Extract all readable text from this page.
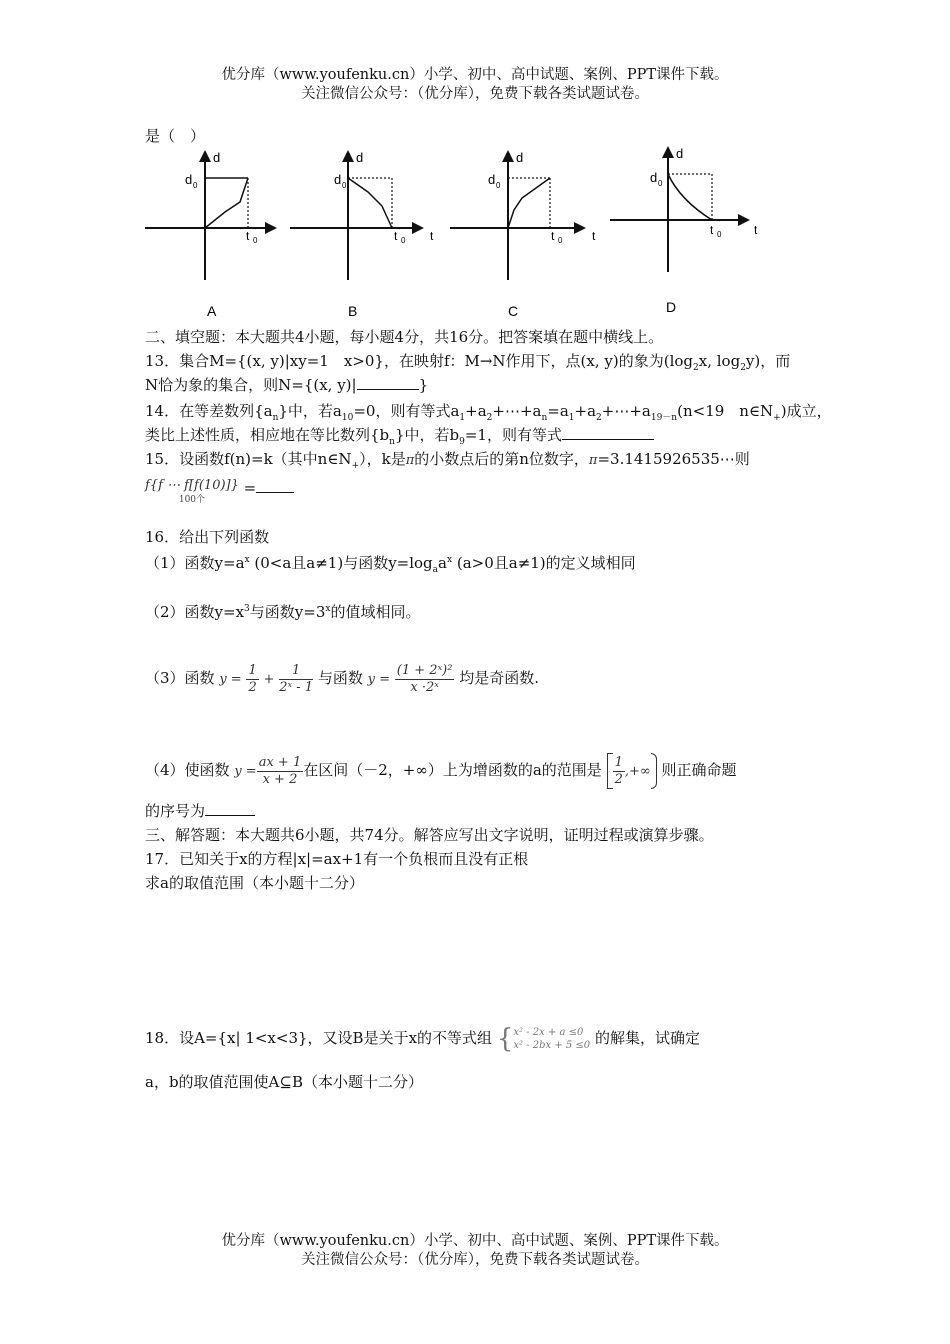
优分库（www.youfenku.cn）小学、初中、高中试题、案例、PPT课件下载。
关注微信公众号：（优分库），免费下载各类试题试卷。
是（　）
d
d 0
t 0
A
d
d 0
t 0 t
B
d
d 0
t 0 t
C
d
d 0
t 0	t
D
二、填空题：本大题共4小题，每小题4分，共16分。把答案填在题中横线上。
13．集合M={(x, y)|xy=1　x>0}，在映射f：M→N作用下，点(x, y)的象为($\log_2x$, $\log_2y$)，而
N恰为象的集合，则N={(x, y)|	}
14．在等差数列$\{a_n\}$中，若$a_{10}=0$，则有等式$a_1+a_2+\cdots+a_n=a_1+a_2+\cdots+a_{19-n}(n<19$　$n\in N_+$)成立，
类比上述性质，相应地在等比数列$\{b_n\}$中，若$b_9=1$，则有等式
15．设函数f(n)=k（其中$n\in N_+$），k是π的小数点后的第n位数字，π=3.1415926535⋯则
f{f ⋯ f[f(10)]}
100个
=
16．给出下列函数
（1）函数$y=a^x$ (0<a且a≠1)与函数$y=\log_aa^x$ (a>0且a≠1)的定义域相同
（2）函数$y=x^3$与函数$y=3^x$的值域相同。
（3）函数 $y = \frac{1}{2} + \frac{1}{\text{2ˣ - 1}}$ 与函数 $y = \frac{\text{(1 + 2ˣ)²}}{\text{x ·2ˣ}}$ 均是奇函数.
（4）使函数 $y = \frac{ax + 1}{x + 2}$ 在区间（－2，+∞）上为增函数的a的范围是 $\frac{1}{2}$ ,+∞ 则正确命题
的序号为
三、解答题：本大题共6小题，共74分。解答应写出文字说明，证明过程或演算步骤。
17．已知关于x的方程|x|=ax+1有一个负根而且没有正根
求a的取值范围（本小题十二分）
18．设A={x| 1<x<3}，又设B是关于x的不等式组 { x² - 2x + a ≤0
x² - 2bx + 5 ≤0 的解集，试确定
a，b的取值范围使A⊆B（本小题十二分）
优分库（www.youfenku.cn）小学、初中、高中试题、案例、PPT课件下载。
关注微信公众号：（优分库），免费下载各类试题试卷。
